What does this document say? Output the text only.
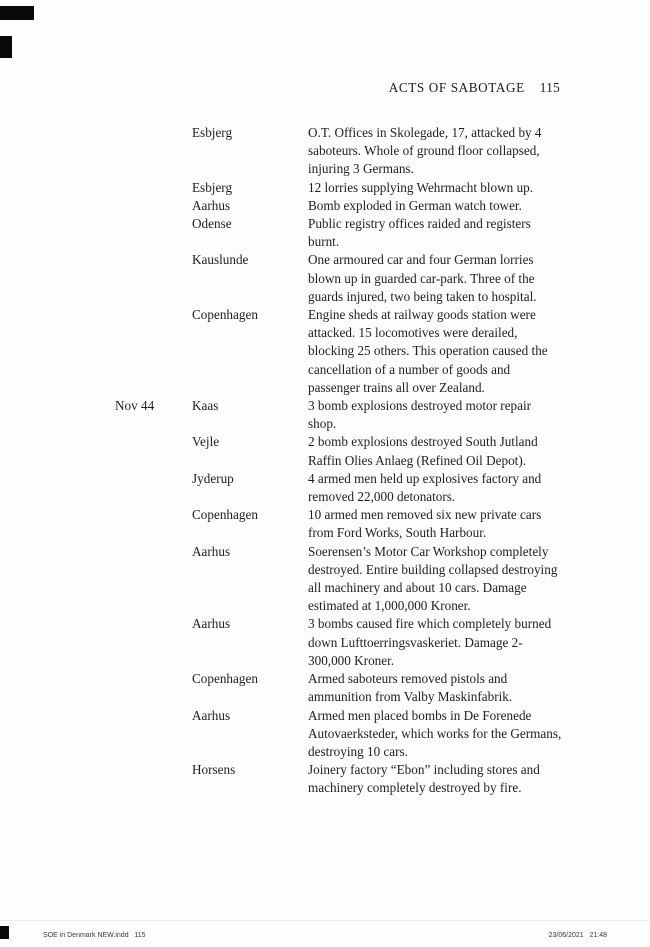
ACTS OF SABOTAGE 115
Esbjerg	O.T. Offices in Skolegade, 17, attacked by 4 saboteurs. Whole of ground floor collapsed, injuring 3 Germans.
Esbjerg	12 lorries supplying Wehrmacht blown up.
Aarhus	Bomb exploded in German watch tower.
Odense	Public registry offices raided and registers burnt.
Kauslunde	One armoured car and four German lorries blown up in guarded car-park. Three of the guards injured, two being taken to hospital.
Copenhagen	Engine sheds at railway goods station were attacked. 15 locomotives were derailed, blocking 25 others. This operation caused the cancellation of a number of goods and passenger trains all over Zealand.
Nov 44	Kaas	3 bomb explosions destroyed motor repair shop.
Vejle	2 bomb explosions destroyed South Jutland Raffin Olies Anlaeg (Refined Oil Depot).
Jyderup	4 armed men held up explosives factory and removed 22,000 detonators.
Copenhagen	10 armed men removed six new private cars from Ford Works, South Harbour.
Aarhus	Soerensen’s Motor Car Workshop completely destroyed. Entire building collapsed destroying all machinery and about 10 cars. Damage estimated at 1,000,000 Kroner.
Aarhus	3 bombs caused fire which completely burned down Lufttoerringsvaskeriet. Damage 2-300,000 Kroner.
Copenhagen	Armed saboteurs removed pistols and ammunition from Valby Maskinfabrik.
Aarhus	Armed men placed bombs in De Forenede Autovaerksteder, which works for the Germans, destroying 10 cars.
Horsens	Joinery factory “Ebon” including stores and machinery completely destroyed by fire.
SOE in Denmark NEW.indd   115	23/06/2021   21:48
